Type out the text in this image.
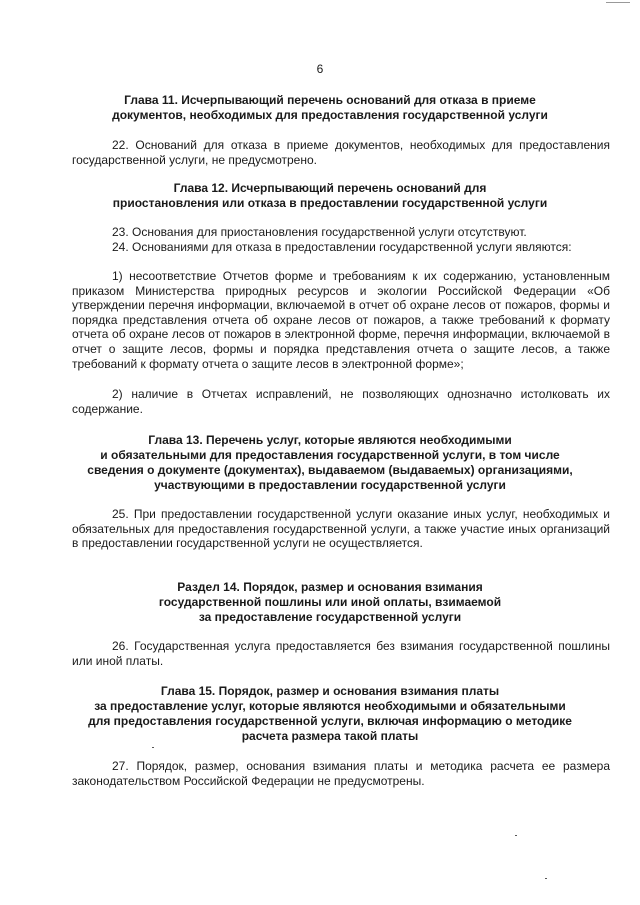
6
Глава 11. Исчерпывающий перечень оснований для отказа в приеме
документов, необходимых для предоставления государственной услуги

22. Оснований для отказа в приеме документов, необходимых для предоставления государственной услуги, не предусмотрено.

Глава 12. Исчерпывающий перечень оснований для
приостановления или отказа в предоставлении государственной услуги

23. Основания для приостановления государственной услуги отсутствуют.

24. Основаниями для отказа в предоставлении государственной услуги являются:

1) несоответствие Отчетов форме и требованиям к их содержанию, установленным приказом Министерства природных ресурсов и экологии Российской Федерации «Об утверждении перечня информации, включаемой в отчет об охране лесов от пожаров, формы и порядка представления отчета об охране лесов от пожаров, а также требований к формату отчета об охране лесов от пожаров в электронной форме, перечня информации, включаемой в отчет о защите лесов, формы и порядка представления отчета о защите лесов, а также требований к формату отчета о защите лесов в электронной форме»;

2) наличие в Отчетах исправлений, не позволяющих однозначно истолковать их содержание.

Глава 13. Перечень услуг, которые являются необходимыми
и обязательными для предоставления государственной услуги, в том числе
сведения о документе (документах), выдаваемом (выдаваемых) организациями,
участвующими в предоставлении государственной услуги

25. При предоставлении государственной услуги оказание иных услуг, необходимых и обязательных для предоставления государственной услуги, а также участие иных организаций в предоставлении государственной услуги не осуществляется.

Раздел 14. Порядок, размер и основания взимания
государственной пошлины или иной оплаты, взимаемой
за предоставление государственной услуги

26. Государственная услуга предоставляется без взимания государственной пошлины или иной платы.

Глава 15. Порядок, размер и основания взимания платы
за предоставление услуг, которые являются необходимыми и обязательными
для предоставления государственной услуги, включая информацию о методике
расчета размера такой платы

27. Порядок, размер, основания взимания платы и методика расчета ее размера законодательством Российской Федерации не предусмотрены.
